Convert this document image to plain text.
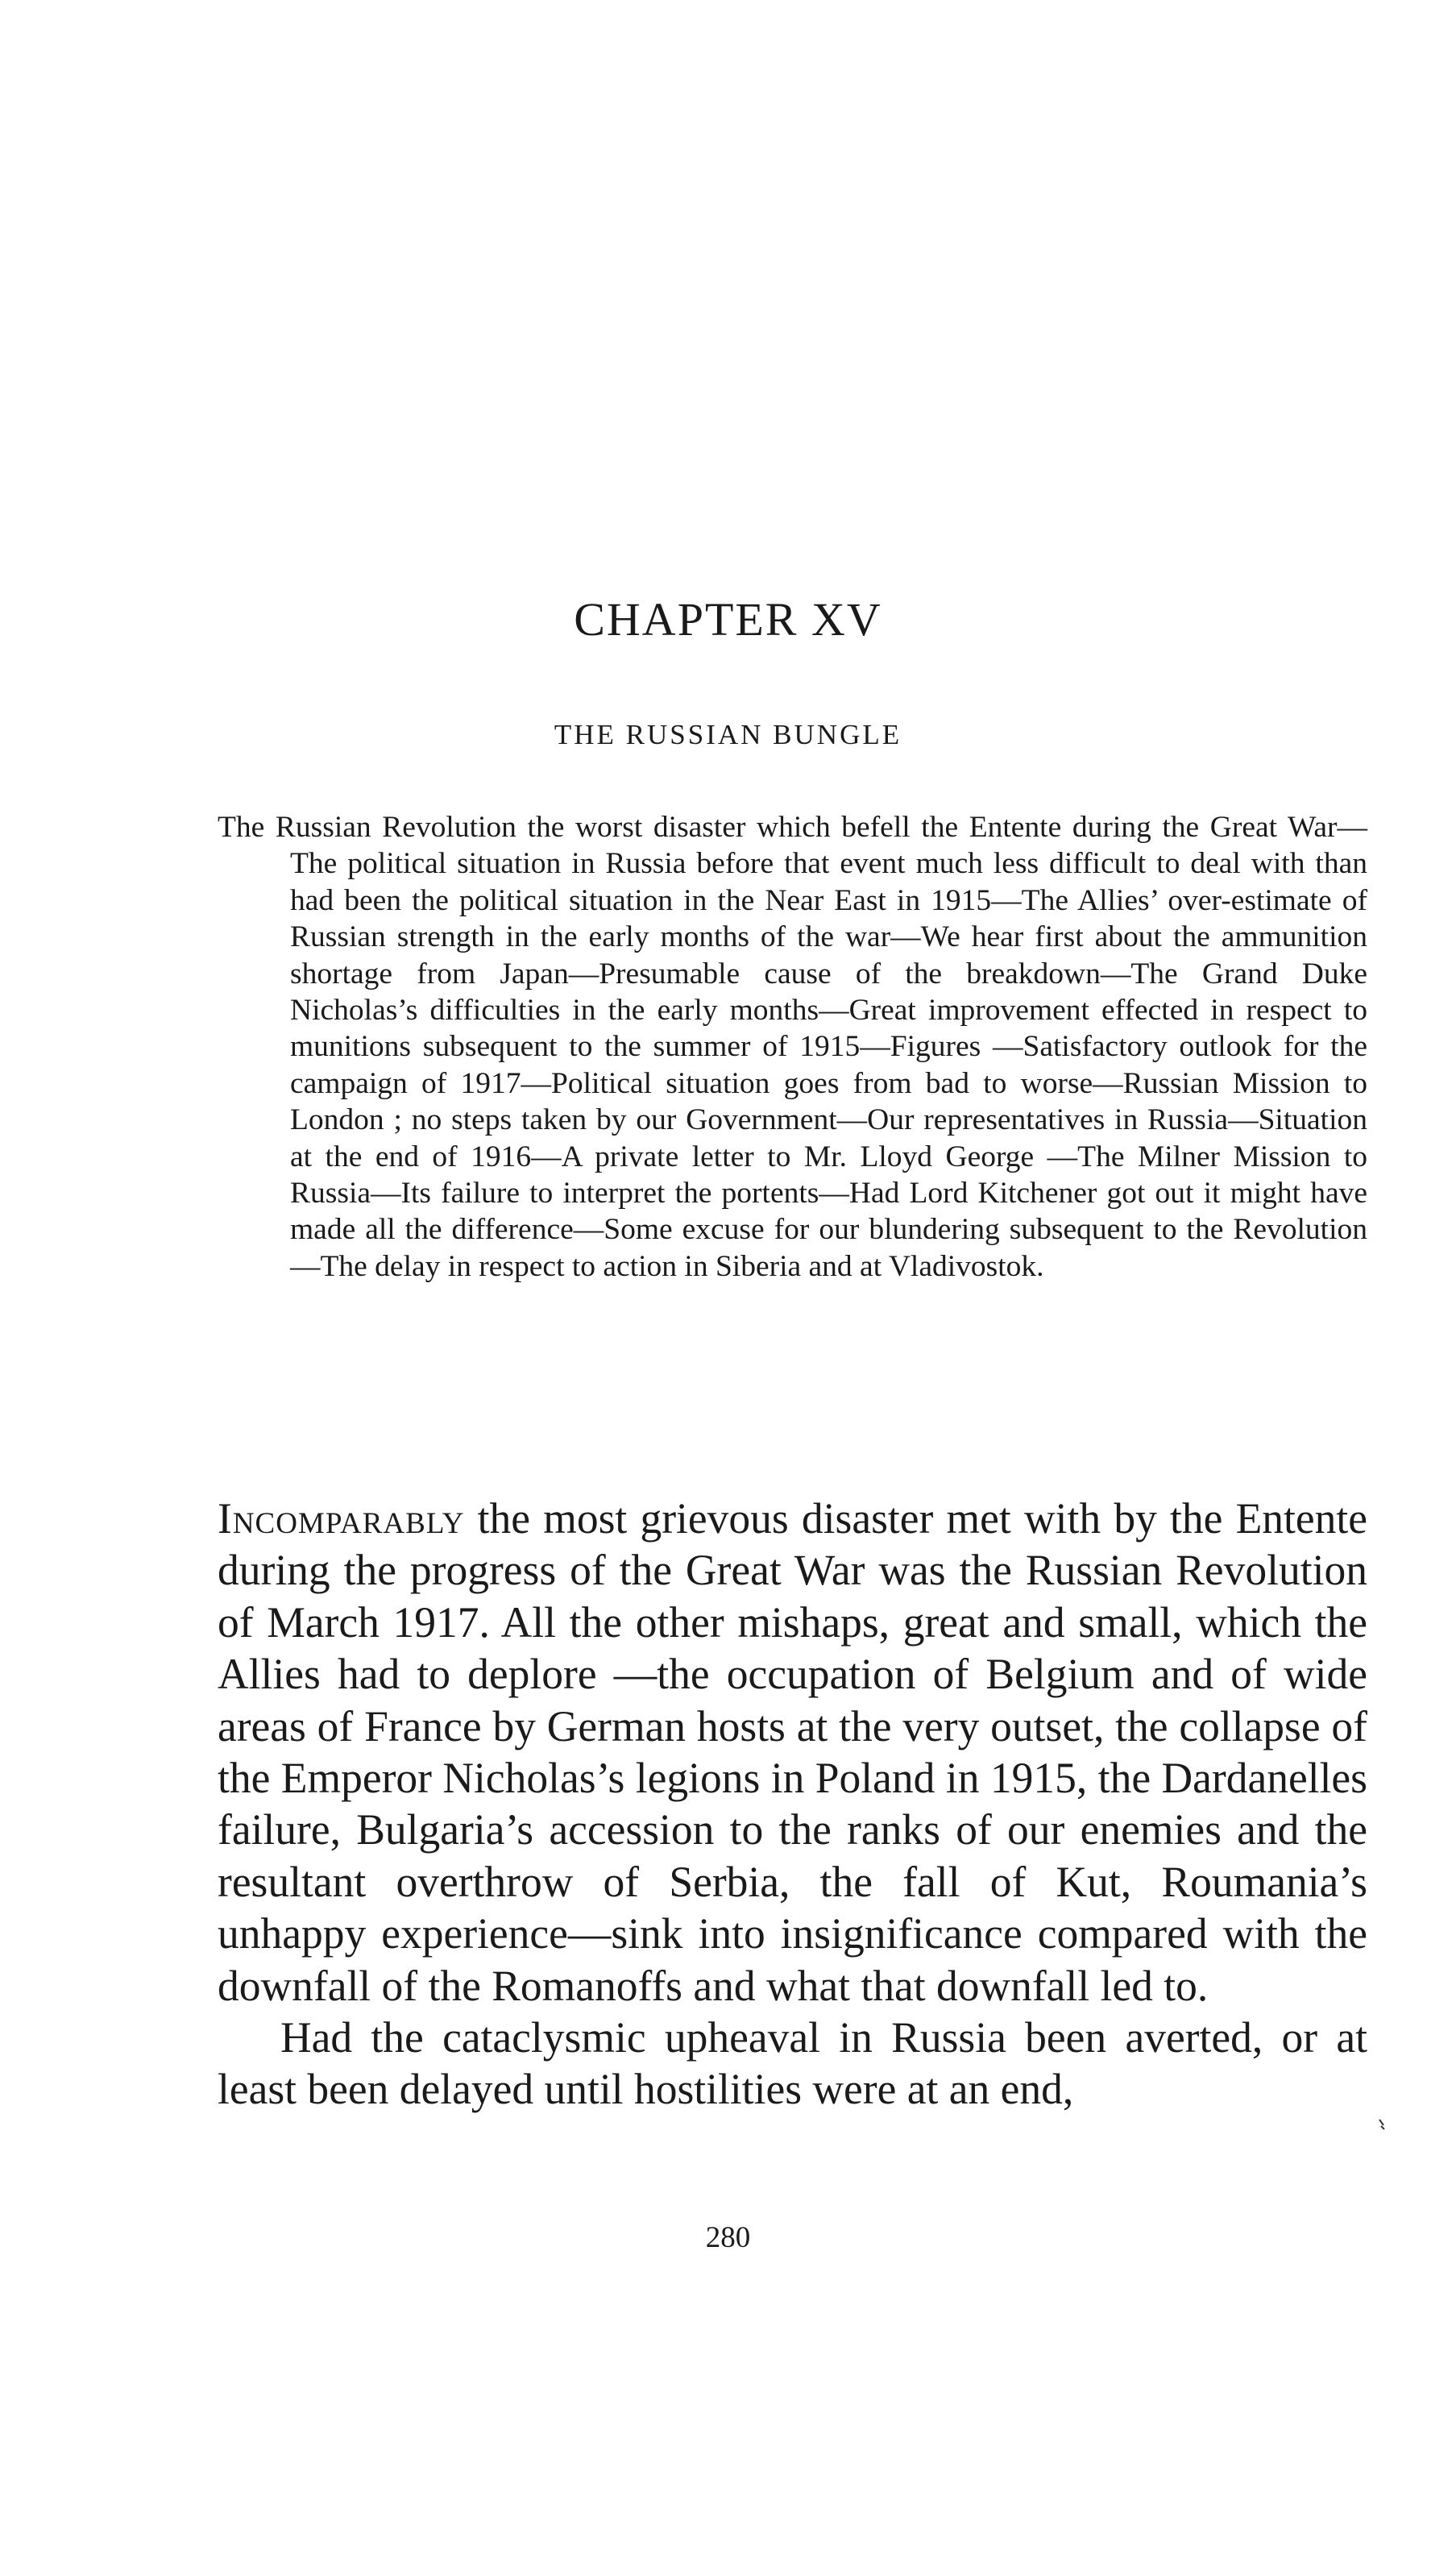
CHAPTER XV
THE RUSSIAN BUNGLE

The Russian Revolution the worst disaster which befell the Entente during the Great War—The political situation in Russia before that event much less difficult to deal with than had been the political situation in the Near East in 1915—The Allies’ over-estimate of Russian strength in the early months of the war—We hear first about the ammunition shortage from Japan—Presumable cause of the breakdown—The Grand Duke Nicholas’s difficulties in the early months—Great improvement effected in respect to munitions subsequent to the summer of 1915—Figures —Satisfactory outlook for the campaign of 1917—Political situation goes from bad to worse—Russian Mission to London ; no steps taken by our Government—Our representatives in Russia—Situation at the end of 1916—A private letter to Mr. Lloyd George —The Milner Mission to Russia—Its failure to interpret the portents—Had Lord Kitchener got out it might have made all the difference—Some excuse for our blundering subsequent to the Revolution—The delay in respect to action in Siberia and at Vladivostok.

Incomparably the most grievous disaster met with by the Entente during the progress of the Great War was the Russian Revolution of March 1917. All the other mishaps, great and small, which the Allies had to deplore —the occupation of Belgium and of wide areas of France by German hosts at the very outset, the collapse of the Emperor Nicholas’s legions in Poland in 1915, the Dardanelles failure, Bulgaria’s accession to the ranks of our enemies and the resultant overthrow of Serbia, the fall of Kut, Roumania’s unhappy experience—sink into insignificance compared with the downfall of the Romanoffs and what that downfall led to.

Had the cataclysmic upheaval in Russia been averted, or at least been delayed until hostilities were at an end,

280
